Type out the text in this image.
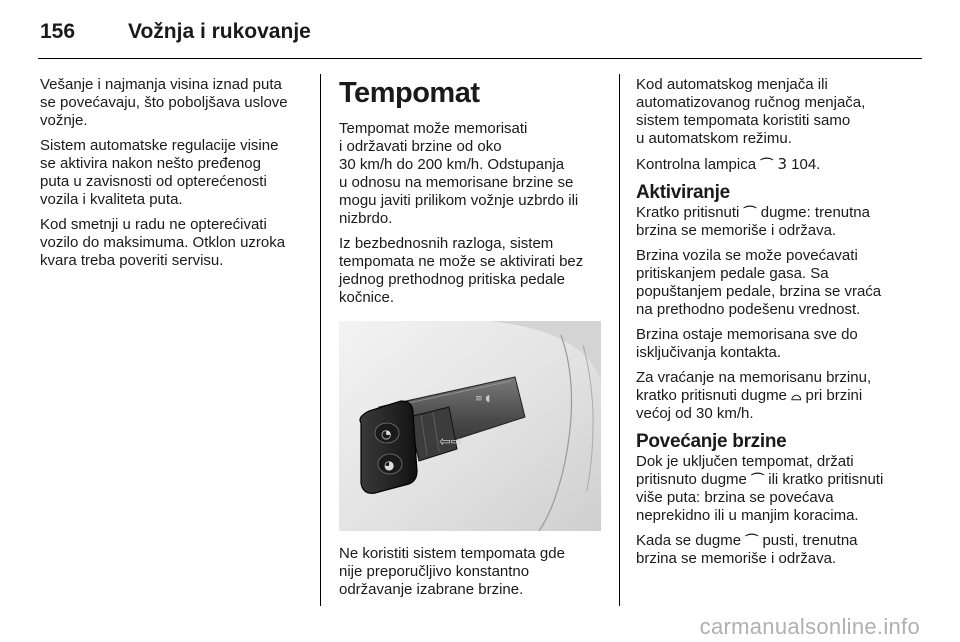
156	Vožnja i rukovanje

Vešanje i najmanja visina iznad puta
se povećavaju, što poboljšava uslove
vožnje.

Sistem automatske regulacije visine
se aktivira nakon nešto pređenog
puta u zavisnosti od opterećenosti
vozila i kvaliteta puta.

Kod smetnji u radu ne opterećivati
vozilo do maksimuma. Otklon uzroka
kvara treba poveriti servisu.

Tempomat

Tempomat može memorisati
i održavati brzine od oko
30 km/h do 200 km/h. Odstupanja
u odnosu na memorisane brzine se
mogu javiti prilikom vožnje uzbrdo ili
nizbrdo.

Iz bezbednosnih razloga, sistem
tempomata ne može se aktivirati bez
jednog prethodnog pritiska pedale
kočnice.

◔
◕
⇦⇨
≡ ◖

Ne koristiti sistem tempomata gde
nije preporučljivo konstantno
održavanje izabrane brzine.

Kod automatskog menjača ili
automatizovanog ručnog menjača,
sistem tempomata koristiti samo
u automatskom režimu.

Kontrolna lampica ⌒ 3 104.

Aktiviranje

Kratko pritisnuti ⌒ dugme: trenutna
brzina se memoriše i održava.

Brzina vozila se može povećavati
pritiskanjem pedale gasa. Sa
popuštanjem pedale, brzina se vraća
na prethodno podešenu vrednost.

Brzina ostaje memorisana sve do
isključivanja kontakta.

Za vraćanje na memorisanu brzinu,
kratko pritisnuti dugme ⌓ pri brzini
većoj od 30 km/h.

Povećanje brzine

Dok je uključen tempomat, držati
pritisnuto dugme ⌒ ili kratko pritisnuti
više puta: brzina se povećava
neprekidno ili u manjim koracima.

Kada se dugme ⌒ pusti, trenutna
brzina se memoriše i održava.

carmanualsonline.info
